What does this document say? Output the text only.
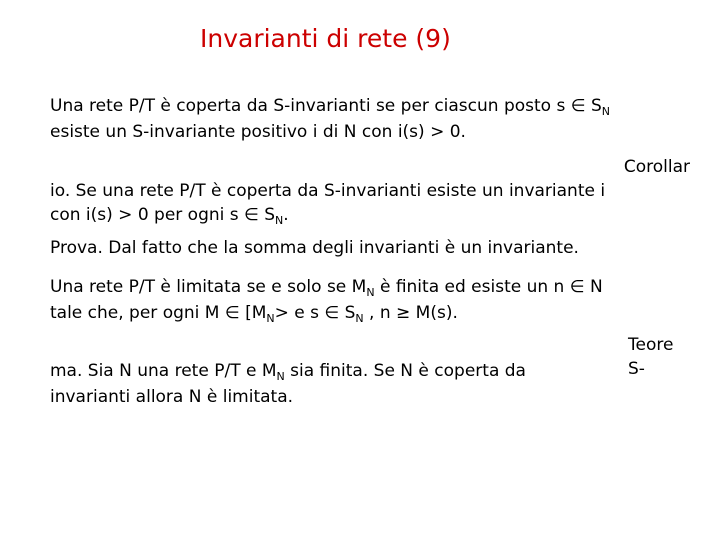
Invarianti di rete (9)
Una rete P/T è coperta da S-invarianti se per ciascun posto s ∈ $S_N$
esiste un S-invariante positivo i di N con i(s) > 0.
Corollar
io. Se una rete P/T è coperta da S-invarianti esiste un invariante i
con i(s) > 0 per ogni s ∈ $S_N$.
Prova. Dal fatto che la somma degli invarianti è un invariante.
Una rete P/T è limitata se e solo se $M_N$ è finita ed esiste un n ∈ N
tale che, per ogni M ∈ [$M_N> e$ s ∈ $S_N$ , n ≥ M(s).
Teore
S-
ma. Sia N una rete P/T e $M_N$ sia finita. Se N è coperta da
invarianti allora N è limitata.
